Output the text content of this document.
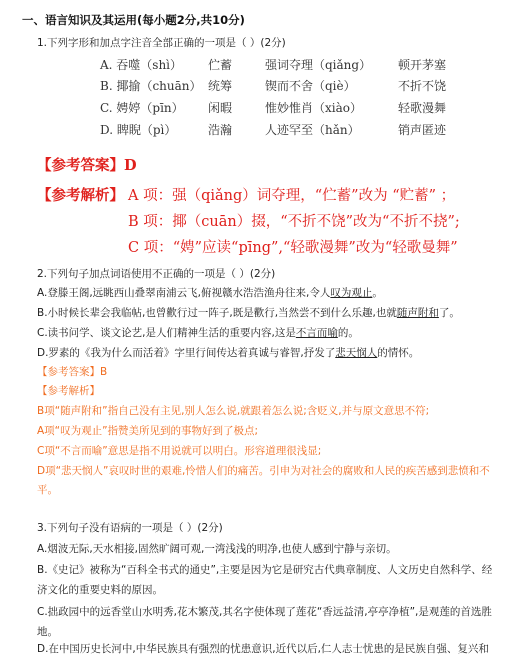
一、语言知识及其运用(每小题2分,共10分)
1.下列字形和加点字注音全部正确的一项是（ ）(2分)
A. 吞噬（shì） 伫蓄	强词夺理（qiǎng） 顿开茅塞
B. 揶揄（chuān） 统筹	锲而不舍（qiè）	不折不饶
C. 娉婷（pīn） 闲暇	惟妙惟肖（xiào）	轻歌漫舞
D. 睥睨（pì）	浩瀚	人迹罕至（hǎn）	销声匿迹
【参考答案】D
【参考解析】 A 项：强（qiǎng）词夺理，“伫蓄”改为 “贮蓄” ；
B 项：揶（cuān）掇，“不折不饶”改为“不折不挠”;
C 项：“娉”应读“pīng”,“轻歌漫舞”改为“轻歌曼舞”
2.下列句子加点词语使用不正确的一项是（ ）(2分)
A.登滕王阁,远眺西山叠翠南浦云飞,俯视赣水浩浩渔舟往来,令人叹为观止。
B.小时候长辈会我临帖,也曾歡行过一阵子,既是歡行,当然尝不到什么乐趣,也就随声附和了。
C.读书问学、谈文论艺,是人们精神生活的重要内容,这是不言而喻的。
D.罗素的《我为什么而活着》字里行间传达着真诚与睿智,抒发了悲天悯人的情怀。
【参考答案】B
【参考解析】
B项“随声附和”指自己没有主见,别人怎么说,就跟着怎么说;含贬义,并与原文意思不符;
A项“叹为观止”指赞美所见到的事物好到了极点;
C项“不言而喻”意思是指不用说就可以明白。形容道理很浅显;
D项“悲天悯人”哀叹时世的艰难,怜惜人们的痛苦。引申为对社会的腐败和人民的疾苦感到悲愤和不
平。
3.下列句子没有语病的一项是（ ）(2分)
A.烟波无际,天水相接,固然旷阔可观,一湾浅浅的明净,也使人感到宁静与亲切。
B.《史记》被称为“百科全书式的通史”,主要是因为它是研究古代典章制度、人文历史自然科学、经
济文化的重要史料的原因。
C.拙政园中的远香堂山水明秀,花木繁茂,其名字使体现了莲花“香远益清,亭亭净植”,是观莲的首选胜
地。
D.在中国历史长河中,中华民族具有强烈的忧患意识,近代以后,仁人志士忧患的是民族自强、复兴和
